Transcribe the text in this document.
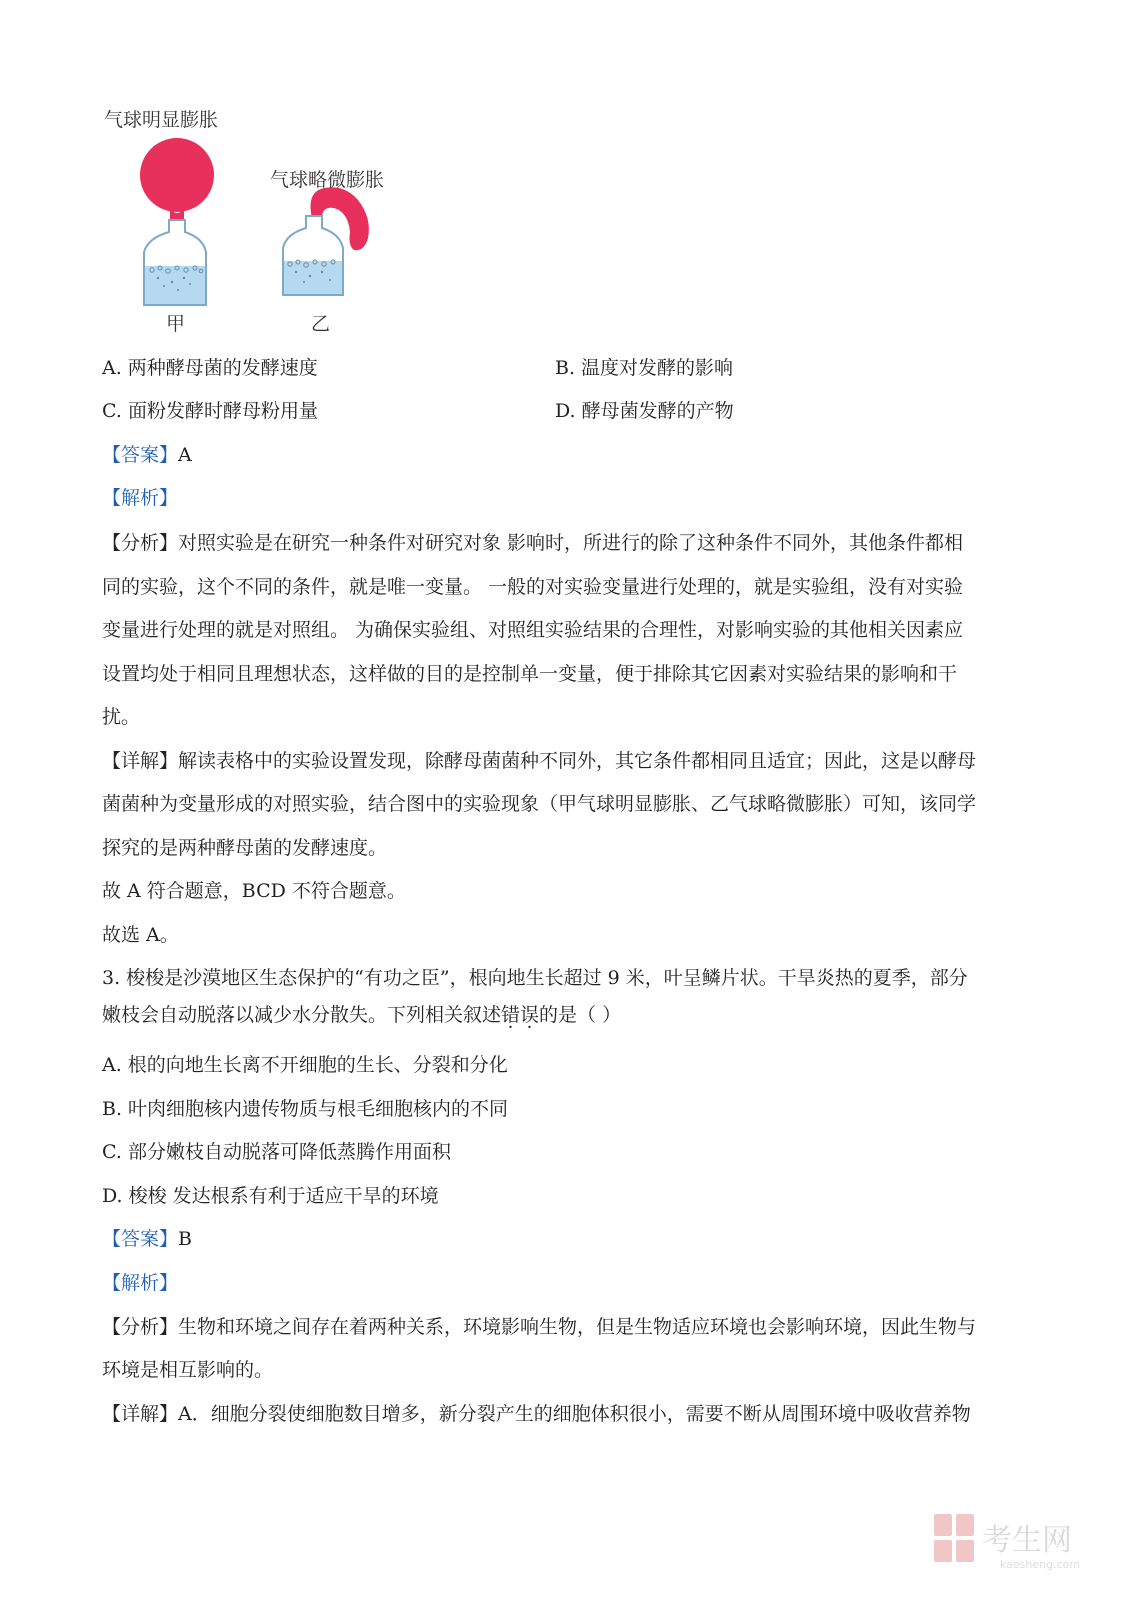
气球明显膨胀
气球略微膨胀
甲	乙
A. 两种酵母菌的发酵速度	B. 温度对发酵的影响
C. 面粉发酵时酵母粉用量	D. 酵母菌发酵的产物
【答案】A
【解析】
【分析】对照实验是在研究一种条件对研究对象 影响时，所进行的除了这种条件不同外，其他条件都相
同的实验，这个不同的条件，就是唯一变量。 一般的对实验变量进行处理的，就是实验组，没有对实验
变量进行处理的就是对照组。 为确保实验组、对照组实验结果的合理性，对影响实验的其他相关因素应
设置均处于相同且理想状态，这样做的目的是控制单一变量，便于排除其它因素对实验结果的影响和干
扰。
【详解】解读表格中的实验设置发现，除酵母菌菌种不同外，其它条件都相同且适宜；因此，这是以酵母
菌菌种为变量形成的对照实验，结合图中的实验现象（甲气球明显膨胀、乙气球略微膨胀）可知，该同学
探究的是两种酵母菌的发酵速度。
故 A 符合题意，BCD 不符合题意。
故选 A。
3. 梭梭是沙漠地区生态保护的“有功之臣”，根向地生长超过 9 米，叶呈鳞片状。干旱炎热的夏季，部分
嫩枝会自动脱落以减少水分散失。下列相关叙述错误的是（ ）
A. 根的向地生长离不开细胞的生长、分裂和分化
B. 叶肉细胞核内遗传物质与根毛细胞核内的不同
C. 部分嫩枝自动脱落可降低蒸腾作用面积
D. 梭梭 发达根系有利于适应干旱的环境
【答案】B
【解析】
【分析】生物和环境之间存在着两种关系，环境影响生物，但是生物适应环境也会影响环境，因此生物与
环境是相互影响的。
【详解】A．细胞分裂使细胞数目增多，新分裂产生的细胞体积很小，需要不断从周围环境中吸收营养物
考生网
kaosheng.com
